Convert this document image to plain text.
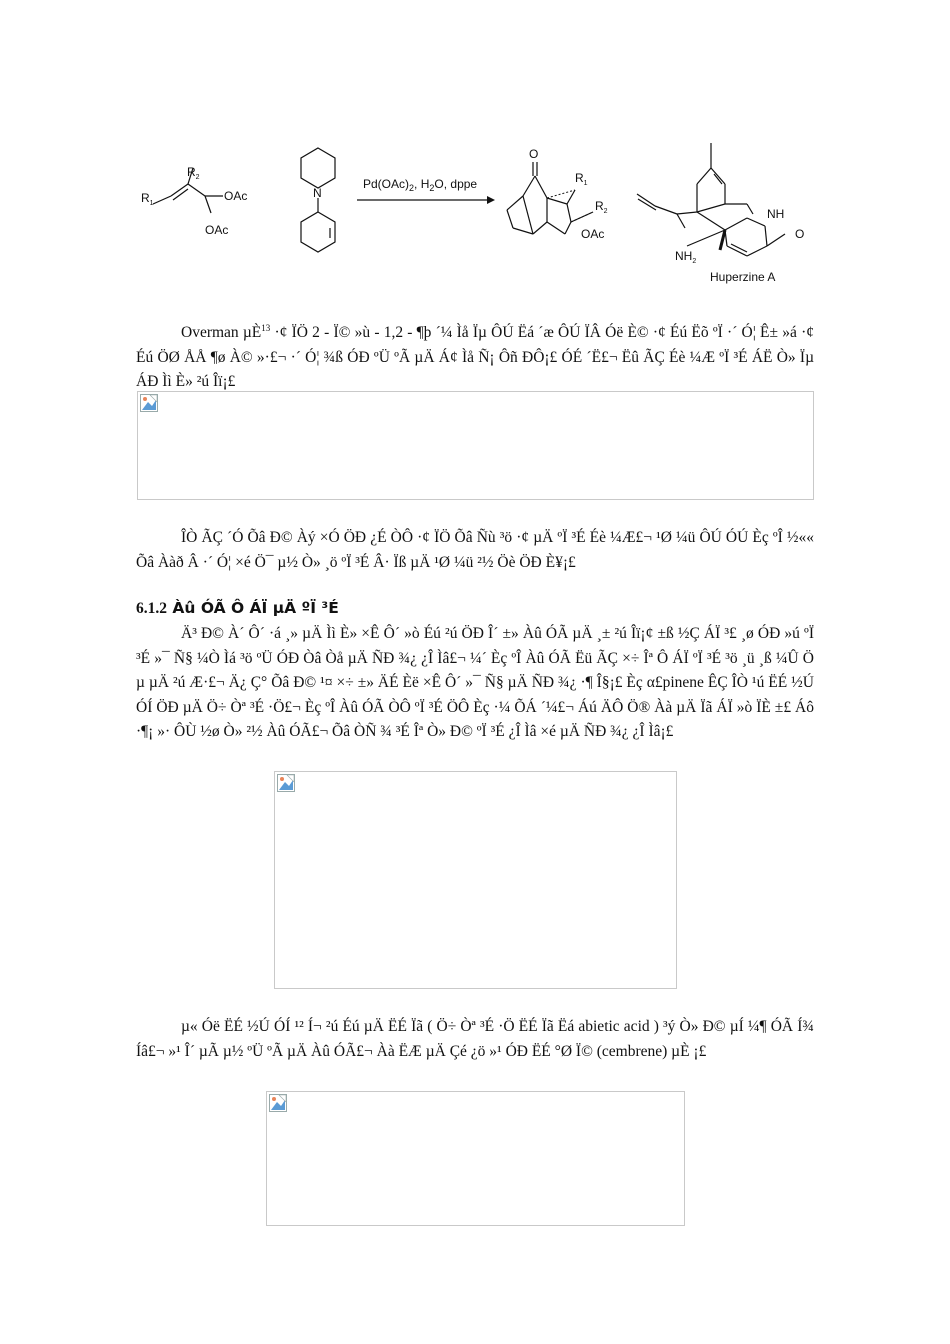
$R_1$
$R_2$
OAc
OAc
N
$Pd(OAc)_2$, $H_2O$, dppe
O
$R_1$
$R_2$
OAc
NH
O
$NH_2$
Huperzine A

Overman µÈ$^{13}$ ·¢ ÏÖ 2 - Ï© »ù - 1,2 - ¶þ ´¼ Ìå Ïµ ÔÚ Ëá ´æ ÔÚ ÏÂ Óë È© ·¢ Éú Ëõ ºÏ ·´ Ó¦ Ê± »á ·¢ Éú ÖØ ÅÅ ¶ø À© »·£¬ ·´ Ó¦ ¾ß ÓÐ ºÜ ºÃ µÄ Á¢ Ìå Ñ¡ Ôñ ÐÔ¡£ ÓÉ ´Ë£¬ Ëû ÃÇ Éè ¼Æ ºÏ ³É ÁË Ò» Ïµ ÁÐ Ìì È» ²ú Îï¡£

ÎÒ ÃÇ ´Ó Õâ Ð© Àý ×Ó ÖÐ ¿É ÒÔ ·¢ ÏÖ Õâ Ñù ³ö ·¢ µÄ ºÏ ³É Éè ¼Æ£¬ ¹Ø ¼ü ÔÚ ÓÚ Èç ºÎ ½«« Õâ Ààð Â ·´ Ó¦ ×é Ö¯ µ½ Ò» ¸ö ºÏ ³É Â· Ïß µÄ ¹Ø ¼ü ²½ Öè ÖÐ È¥¡£

6.1.2 Àû ÓÃ Ô ÁÏ µÄ ºÏ ³É

Ä³ Ð© À´ Ô´ ·á ¸» µÄ Ìì È» ×Ê Ô´ »ò Éú ²ú ÖÐ Î´ ±» Àû ÓÃ µÄ ¸± ²ú Îï¡¢ ±ß ½Ç ÁÏ ³£ ¸ø ÓÐ »ú ºÏ ³É »¯ Ñ§ ¼Ò Ìá ³ö ºÜ ÓÐ Òâ Òå µÄ ÑÐ ¾¿ ¿Î Ìâ£¬ ¼´ Èç ºÎ Àû ÓÃ Ëü ÃÇ ×÷ Îª Ô ÁÏ ºÏ ³É ³ö ¸ü ¸ß ¼Û Öµ µÄ ²ú Æ·£¬ Ä¿ Ç° Õâ Ð© ¹¤ ×÷ ±» ÄÉ Èë ×Ê Ô´ »¯ Ñ§ µÄ ÑÐ ¾¿ ·¶ Î§¡£ Èç α£pinene ÊÇ ÎÒ ¹ú ËÉ ½Ú ÓÍ ÖÐ µÄ Ö÷ Òª ³É ·Ö£¬ Èç ºÎ Àû ÓÃ ÒÔ ºÏ ³É ÖÔ Èç ·¼ ÕÁ ´¼£¬ Áú ÄÔ Ö® Àà µÄ Ïã ÁÏ »ò ÏÈ ±£ Áô ·¶¡ »· ÔÙ ½ø Ò» ²½ Àû ÓÃ£¬ Õâ ÒÑ ¾ ³É Îª Ò» Ð© ºÏ ³É ¿Î Ìâ ×é µÄ ÑÐ ¾¿ ¿Î Ìâ¡£

µ« Óë ËÉ ½Ú ÓÍ ¹² Í¬ ²ú Éú µÄ ËÉ Ïã ( Ö÷ Òª ³É ·Ö ËÉ Ïã Ëá abietic acid ) ³ý Ò» Ð© µÍ ¼¶ ÓÃ Í¾ Íâ£¬ »¹ Î´ µÃ µ½ ºÜ ºÃ µÄ Àû ÓÃ£¬ Àà ËÆ µÄ Çé ¿ö »¹ ÓÐ ËÉ °Ø Ï© (cembrene) µÈ ¡£
